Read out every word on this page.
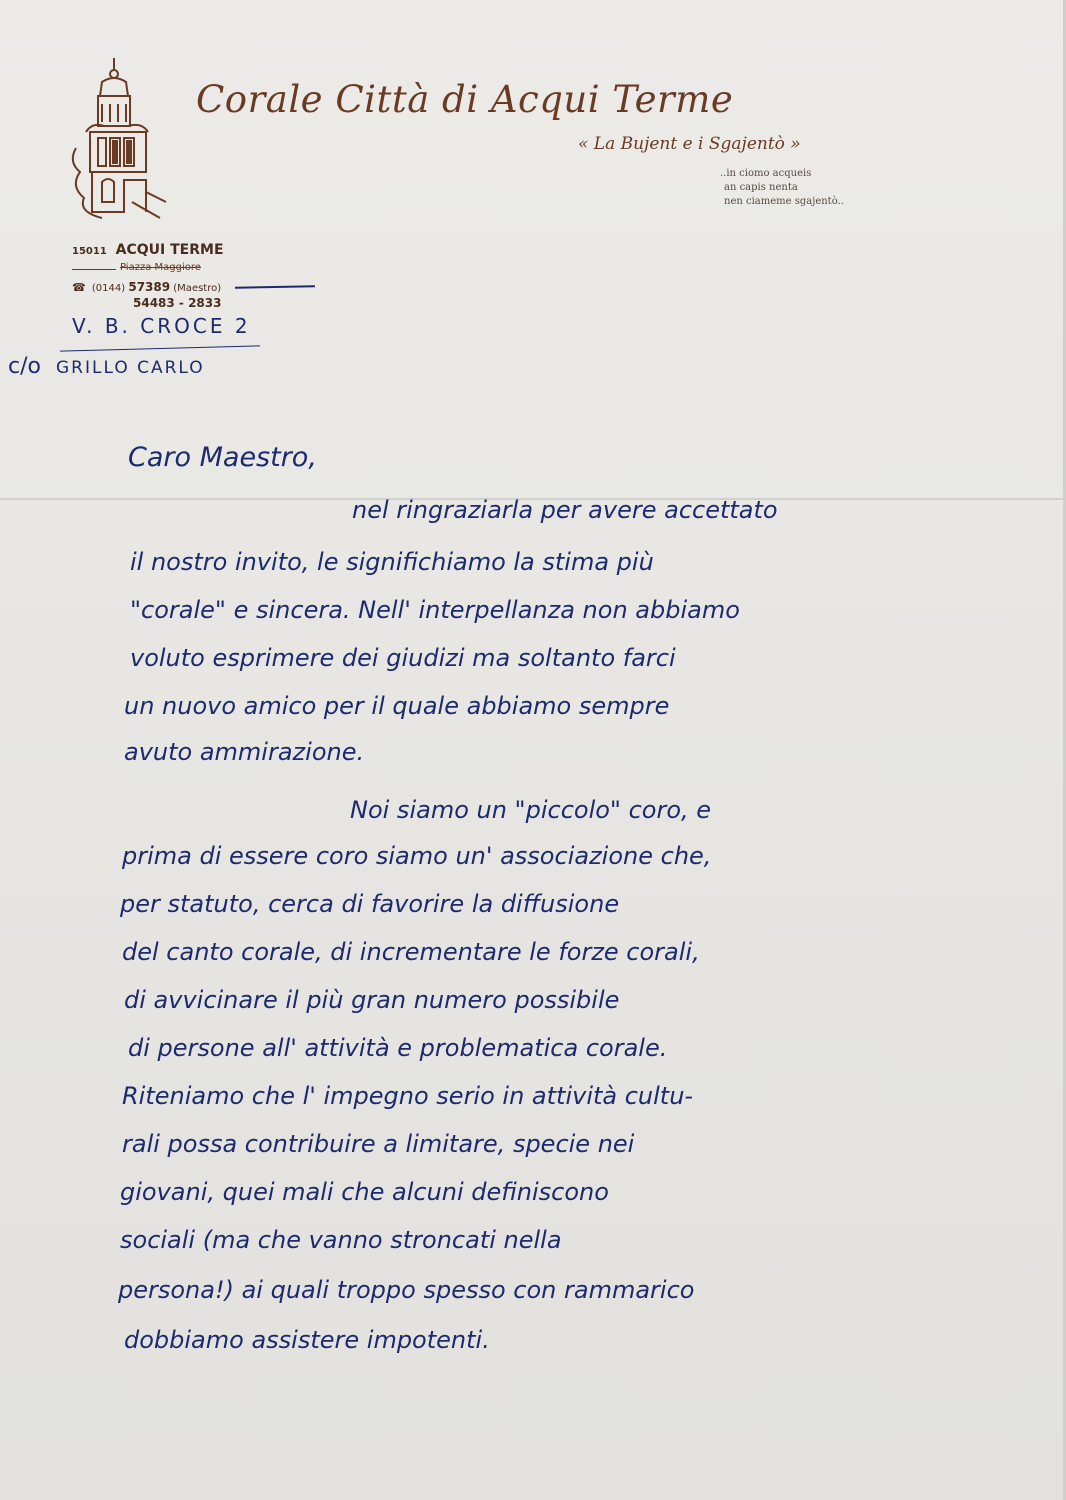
Corale Città di Acqui Terme
« La Bujent e i Sgajentò »
..in ciomo acqueis
an capis nenta
nen ciameme sgajentò..
15011 ACQUI TERME
Piazza Maggiore
☎ (0144) 57389 (Maestro)
54483 - 2833
V. B. CROCE 2
c/o GRILLO CARLO
Caro Maestro,
nel ringraziarla per avere accettato
il nostro invito, le significhiamo la stima più
"corale" e sincera. Nell' interpellanza non abbiamo
voluto esprimere dei giudizi ma soltanto farci
un nuovo amico per il quale abbiamo sempre
avuto ammirazione.
Noi siamo un "piccolo" coro, e
prima di essere coro siamo un' associazione che,
per statuto, cerca di favorire la diffusione
del canto corale, di incrementare le forze corali,
di avvicinare il più gran numero possibile
di persone all' attività e problematica corale.
Riteniamo che l' impegno serio in attività cultu-
rali possa contribuire a limitare, specie nei
giovani, quei mali che alcuni definiscono
sociali (ma che vanno stroncati nella
persona!) ai quali troppo spesso con rammarico
dobbiamo assistere impotenti.
